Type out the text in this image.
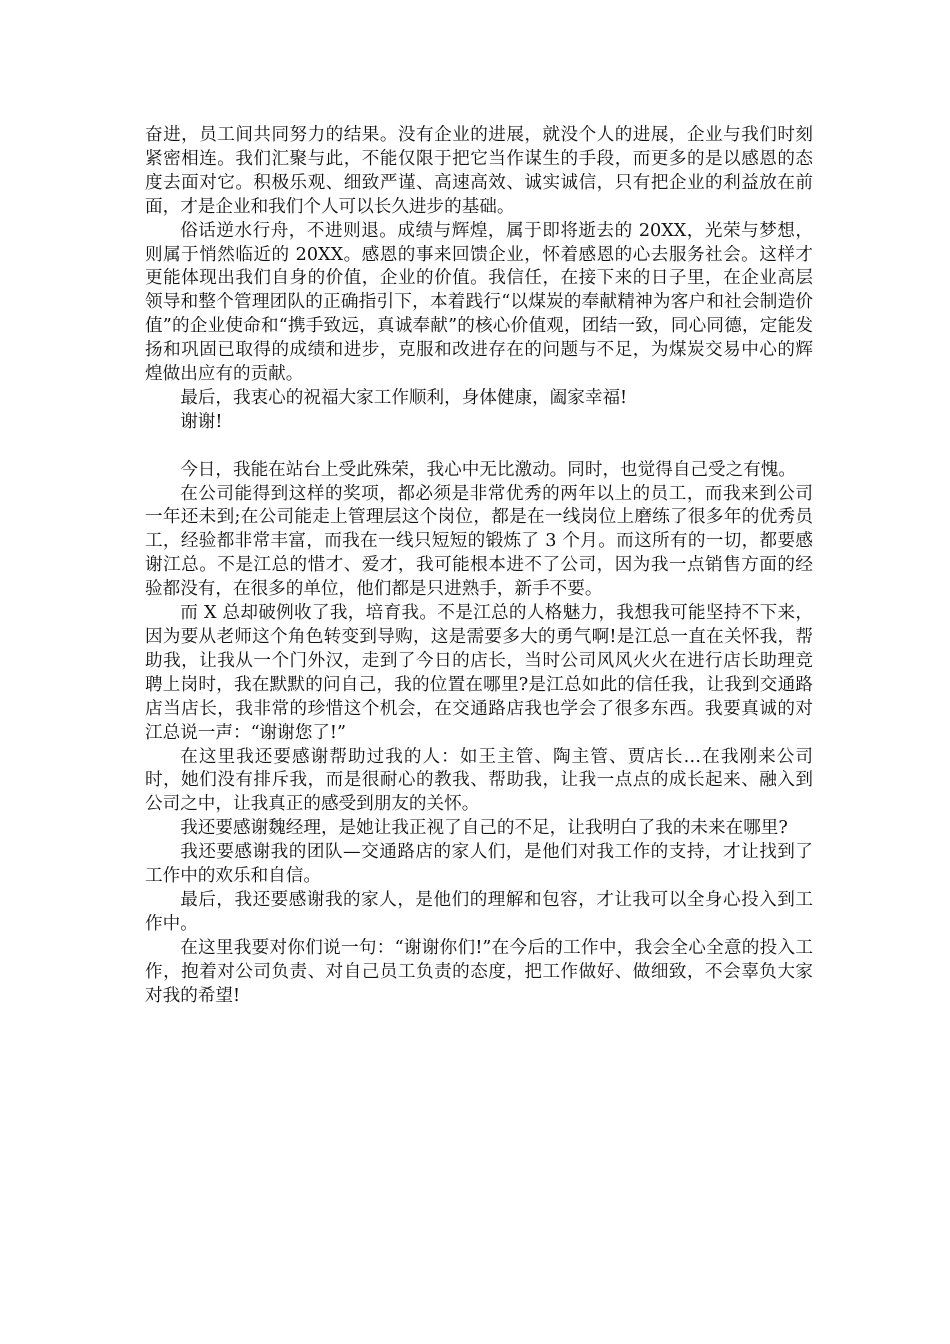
奋进，员工间共同努力的结果。没有企业的进展，就没个人的进展，企业与我们时刻紧密相连。我们汇聚与此，不能仅限于把它当作谋生的手段，而更多的是以感恩的态度去面对它。积极乐观、细致严谨、高速高效、诚实诚信，只有把企业的利益放在前面，才是企业和我们个人可以长久进步的基础。

俗话逆水行舟，不进则退。成绩与辉煌，属于即将逝去的 20XX，光荣与梦想，则属于悄然临近的 20XX。感恩的事来回馈企业，怀着感恩的心去服务社会。这样才更能体现出我们自身的价值，企业的价值。我信任，在接下来的日子里，在企业高层领导和整个管理团队的正确指引下，本着践行“以煤炭的奉献精神为客户和社会制造价值”的企业使命和“携手致远，真诚奉献”的核心价值观，团结一致，同心同德，定能发扬和巩固已取得的成绩和进步，克服和改进存在的问题与不足，为煤炭交易中心的辉煌做出应有的贡献。

最后，我衷心的祝福大家工作顺利，身体健康，阖家幸福!

谢谢!

今日，我能在站台上受此殊荣，我心中无比激动。同时，也觉得自己受之有愧。

在公司能得到这样的奖项，都必须是非常优秀的两年以上的员工，而我来到公司一年还未到;在公司能走上管理层这个岗位，都是在一线岗位上磨练了很多年的优秀员工，经验都非常丰富，而我在一线只短短的锻炼了 3 个月。而这所有的一切，都要感谢江总。不是江总的惜才、爱才，我可能根本进不了公司，因为我一点销售方面的经验都没有，在很多的单位，他们都是只进熟手，新手不要。

而 X 总却破例收了我，培育我。不是江总的人格魅力，我想我可能坚持不下来，因为要从老师这个角色转变到导购，这是需要多大的勇气啊!是江总一直在关怀我，帮助我，让我从一个门外汉，走到了今日的店长，当时公司风风火火在进行店长助理竞聘上岗时，我在默默的问自己，我的位置在哪里?是江总如此的信任我，让我到交通路店当店长，我非常的珍惜这个机会，在交通路店我也学会了很多东西。我要真诚的对江总说一声：“谢谢您了!”

在这里我还要感谢帮助过我的人：如王主管、陶主管、贾店长…在我刚来公司时，她们没有排斥我，而是很耐心的教我、帮助我，让我一点点的成长起来、融入到公司之中，让我真正的感受到朋友的关怀。

我还要感谢魏经理，是她让我正视了自己的不足，让我明白了我的未来在哪里?

我还要感谢我的团队—交通路店的家人们，是他们对我工作的支持，才让找到了工作中的欢乐和自信。

最后，我还要感谢我的家人，是他们的理解和包容，才让我可以全身心投入到工作中。

在这里我要对你们说一句：“谢谢你们!”在今后的工作中，我会全心全意的投入工作，抱着对公司负责、对自己员工负责的态度，把工作做好、做细致，不会辜负大家对我的希望!
